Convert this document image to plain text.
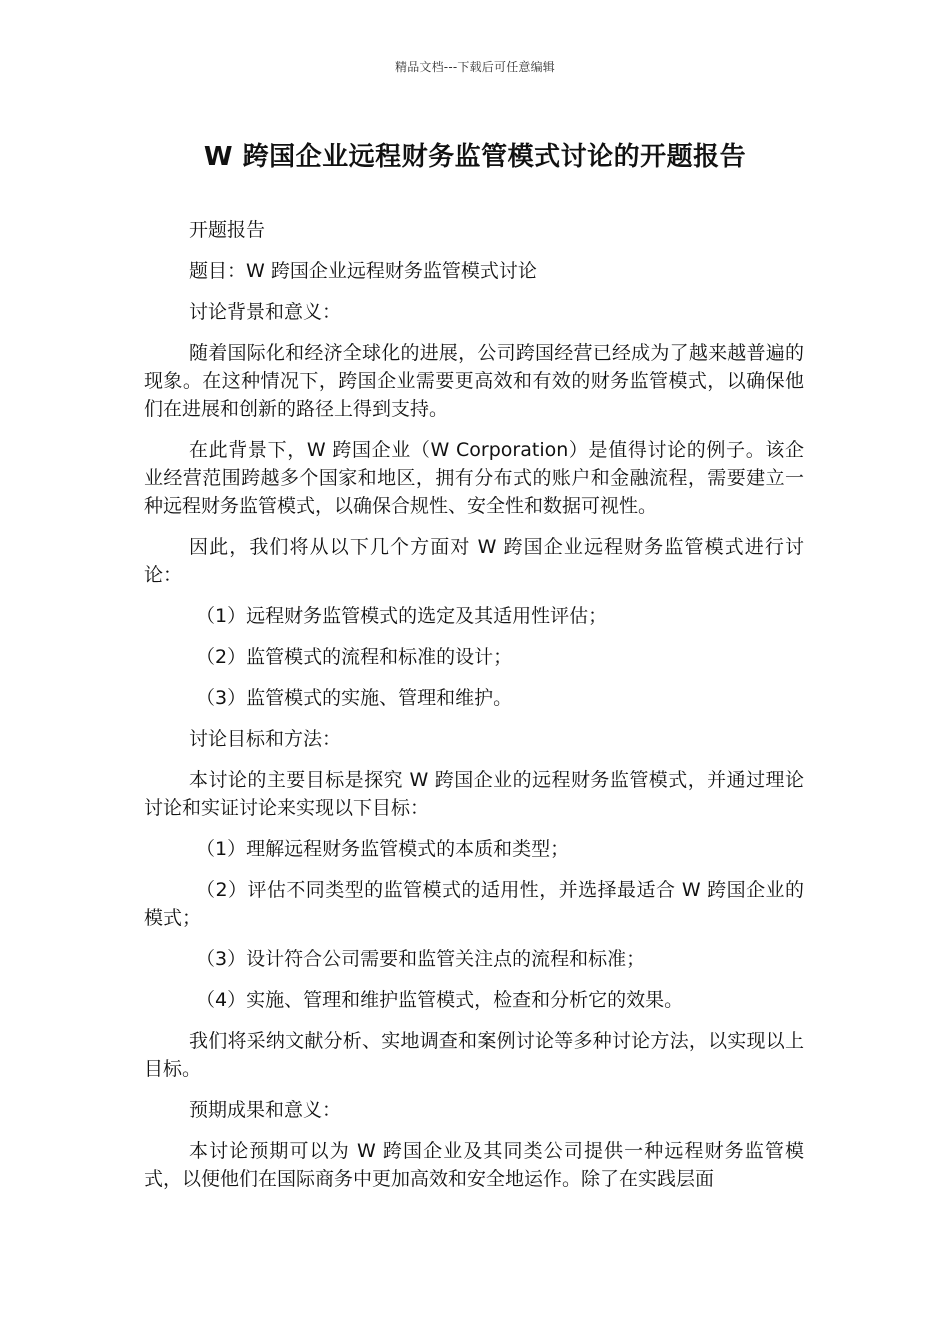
精品文档---下载后可任意编辑
W 跨国企业远程财务监管模式讨论的开题报告

开题报告

题目：W 跨国企业远程财务监管模式讨论

讨论背景和意义：

随着国际化和经济全球化的进展，公司跨国经营已经成为了越来越普遍的现象。在这种情况下，跨国企业需要更高效和有效的财务监管模式，以确保他们在进展和创新的路径上得到支持。

在此背景下，W 跨国企业（W Corporation）是值得讨论的例子。该企业经营范围跨越多个国家和地区，拥有分布式的账户和金融流程，需要建立一种远程财务监管模式，以确保合规性、安全性和数据可视性。

因此，我们将从以下几个方面对 W 跨国企业远程财务监管模式进行讨论：

（1）远程财务监管模式的选定及其适用性评估；

（2）监管模式的流程和标准的设计；

（3）监管模式的实施、管理和维护。

讨论目标和方法：

本讨论的主要目标是探究 W 跨国企业的远程财务监管模式，并通过理论讨论和实证讨论来实现以下目标：

（1）理解远程财务监管模式的本质和类型；

（2）评估不同类型的监管模式的适用性，并选择最适合 W 跨国企业的模式；

（3）设计符合公司需要和监管关注点的流程和标准；

（4）实施、管理和维护监管模式，检查和分析它的效果。

我们将采纳文献分析、实地调查和案例讨论等多种讨论方法，以实现以上目标。

预期成果和意义：

本讨论预期可以为 W 跨国企业及其同类公司提供一种远程财务监管模式，以便他们在国际商务中更加高效和安全地运作。除了在实践层面
